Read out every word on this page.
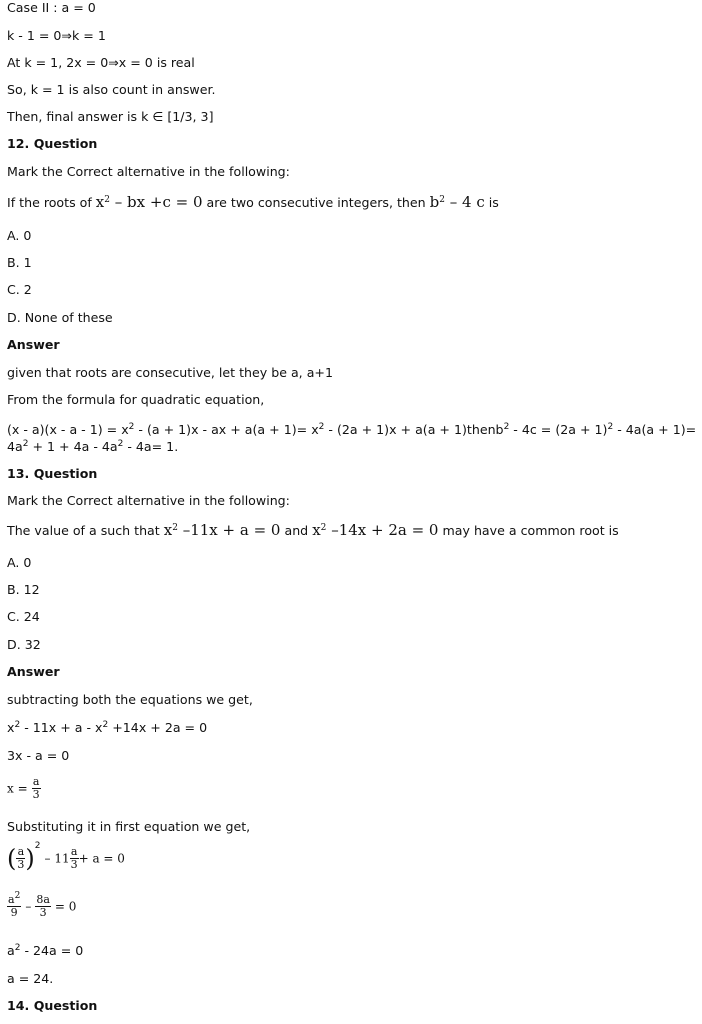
Case II : a = 0
k - 1 = 0⇒k = 1
At k = 1, 2x = 0⇒x = 0 is real
So, k = 1 is also count in answer.
Then, final answer is k ∈ [1/3, 3]
12. Question
Mark the Correct alternative in the following:
If the roots of $x^2$ – bx +c = 0 are two consecutive integers, then $b^2 - 4$ c is
A. 0
B. 1
C. 2
D. None of these
Answer
given that roots are consecutive, let they be a, a+1
From the formula for quadratic equation,
$(x - a)(x - a - 1) = x^2 - (a + 1)x$ - ax + $a(a + 1)= x^2 - (2a + 1)x + a(a$ + 1)thenb$^2$ - $4c = (2a + 1)^2 - 4a(a + 1)=$
$4a^2 + 1 + 4a - 4a^2 - 4a= 1$.
13. Question
Mark the Correct alternative in the following:
The value of a such that $x^2$ –11x + a = 0 and $x^2$ –14x + 2a = 0 may have a common root is
A. 0
B. 12
C. 24
D. 32
Answer
subtracting both the equations we get,
$x^2 - 11x + a - x^2 +14x + 2a = 0$
3x - a = 0
$x = \frac{a}{3}$
Substituting it in first equation we get,
( $\frac{a}{3} )^2 - 11 \frac{a}{3} + a = 0$
$\frac{a^2}{9} - \frac{8a}{3} = 0$
$a^2 - 24a = 0$
a = 24.
14. Question
